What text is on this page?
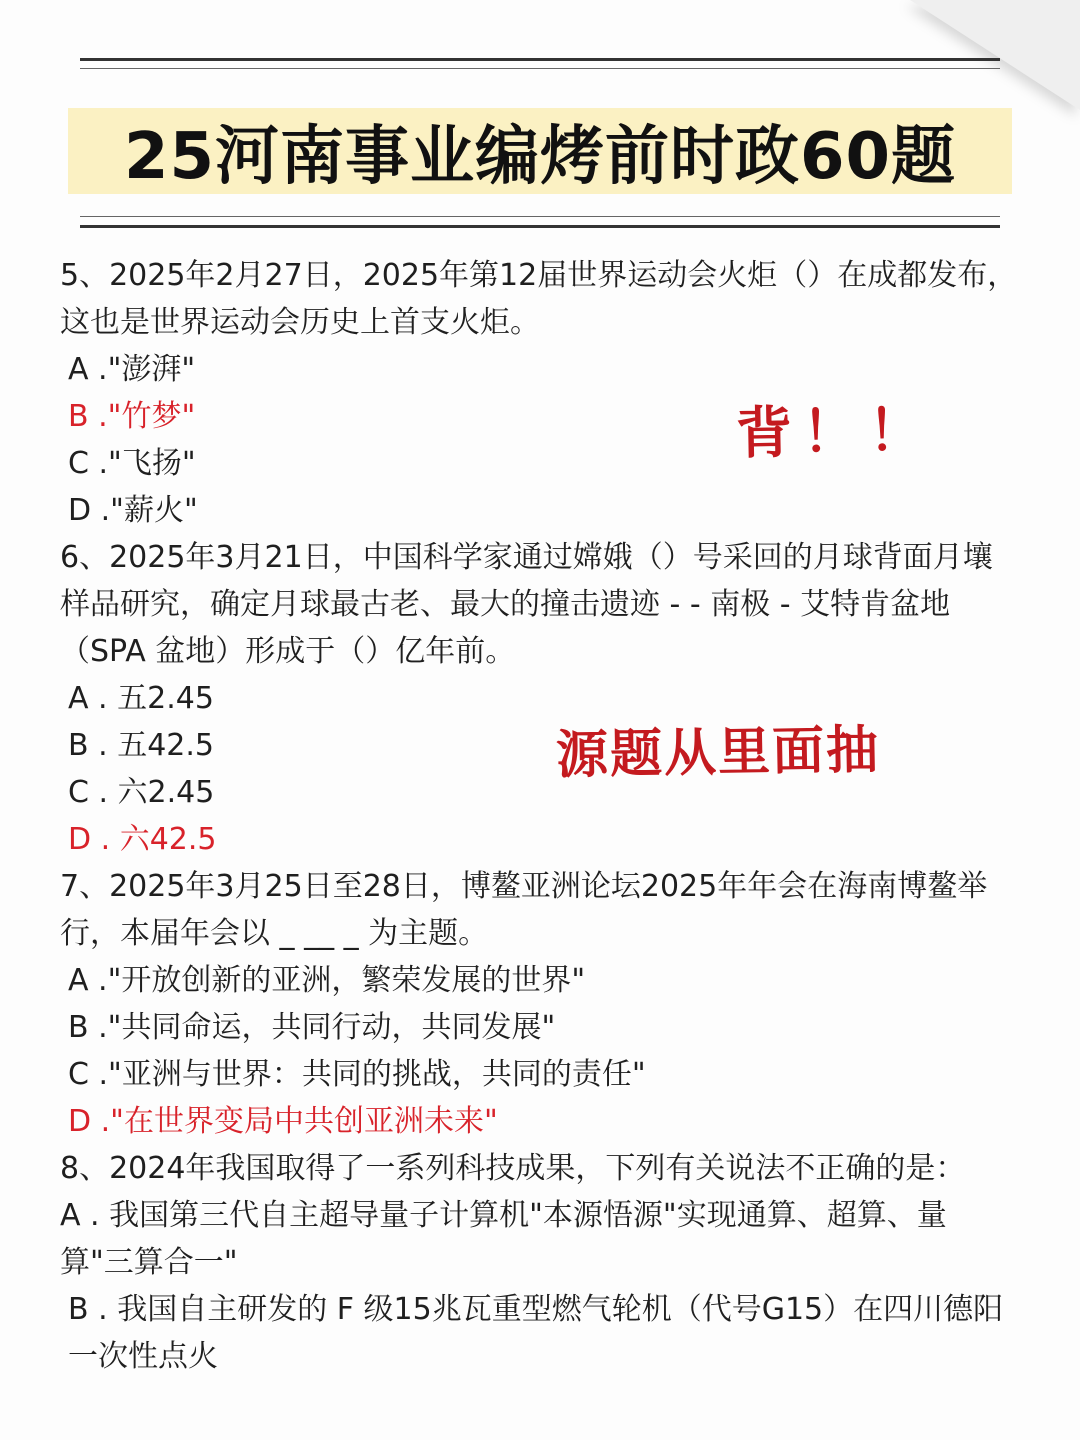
25河南事业编烤前时政60题

5、2025年2月27日，2025年第12届世界运动会火炬（）在成都发布，这也是世界运动会历史上首支火炬。

A ."澎湃"

B ."竹梦"

C ."飞扬"

D ."薪火"

6、2025年3月21日，中国科学家通过嫦娥（）号采回的月球背面月壤样品研究，确定月球最古老、最大的撞击遗迹 - - 南极 - 艾特肯盆地（SPA 盆地）形成于（）亿年前。

A . 五2.45

B . 五42.5

C . 六2.45

D . 六42.5

7、2025年3月25日至28日，博鳌亚洲论坛2025年年会在海南博鳌举行，本届年会以 _ __ _ 为主题。

A ."开放创新的亚洲，繁荣发展的世界"

B ."共同命运，共同行动，共同发展"

C ."亚洲与世界：共同的挑战，共同的责任"

D ."在世界变局中共创亚洲未来"

8、2024年我国取得了一系列科技成果，下列有关说法不正确的是：

A . 我国第三代自主超导量子计算机"本源悟源"实现通算、超算、量算"三算合一"

B . 我国自主研发的 F 级15兆瓦重型燃气轮机（代号G15）在四川德阳一次性点火

背！！
源题从里面抽
